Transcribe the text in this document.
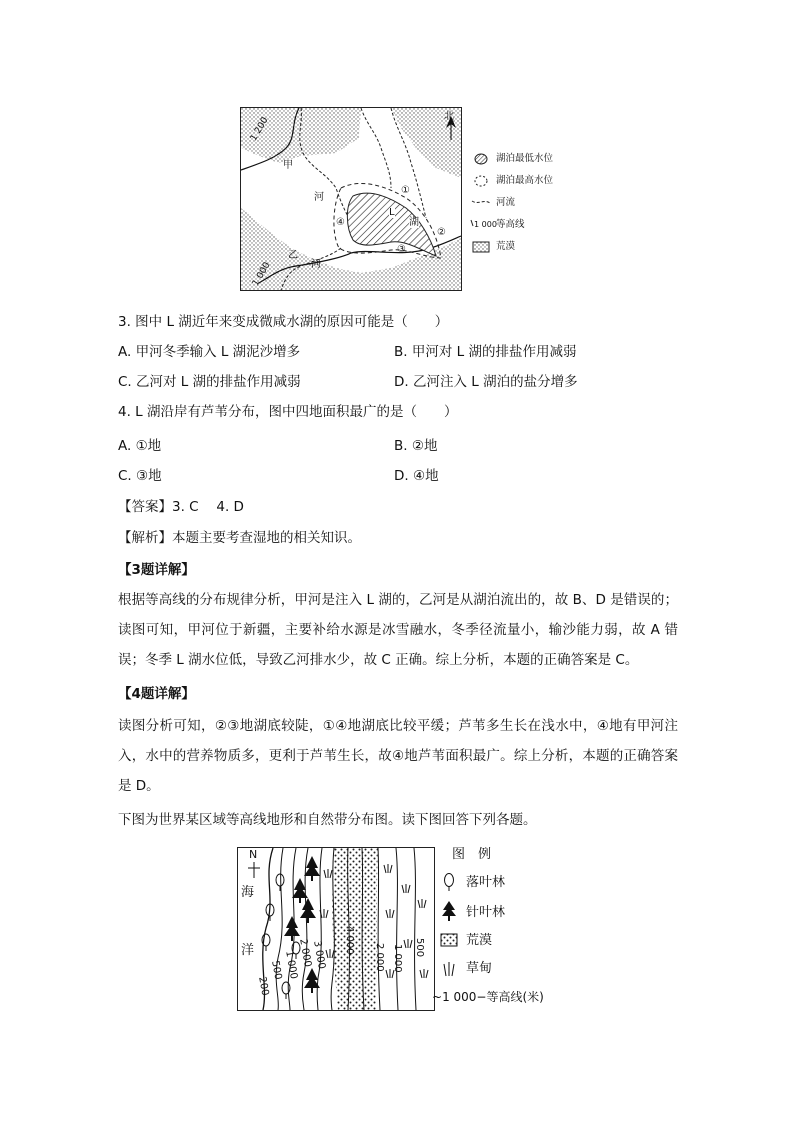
北
1 200
1 000
甲
河
乙
河
L
湖
①
②
③
④
湖泊最低水位
湖泊最高水位
河流
1 000 等高线
荒漠
3. 图中 L 湖近年来变成微咸水湖的原因可能是（　　）
A. 甲河冬季输入 L 湖泥沙增多	B. 甲河对 L 湖的排盐作用减弱
C. 乙河对 L 湖的排盐作用减弱	D. 乙河注入 L 湖泊的盐分增多
4. L 湖沿岸有芦苇分布，图中四地面积最广的是（　　）
A. ①地	B. ②地
C. ③地	D. ④地
【答案】3. C　 4. D
【解析】本题主要考查湿地的相关知识。
【3题详解】
根据等高线的分布规律分析，甲河是注入 L 湖的，乙河是从湖泊流出的，故 B、D 是错误的；读图可知，甲河位于新疆，主要补给水源是冰雪融水，冬季径流量小，输沙能力弱，故 A 错误；冬季 L 湖水位低，导致乙河排水少，故 C 正确。综上分析，本题的正确答案是 C。
【4题详解】
读图分析可知，②③地湖底较陡，①④地湖底比较平缓；芦苇多生长在浅水中，④地有甲河注入，水中的营养物质多，更利于芦苇生长，故④地芦苇面积最广。综上分析，本题的正确答案是 D。
下图为世界某区域等高线地形和自然带分布图。读下图回答下列各题。
N
海
洋
200
500 1 000
2 000
3 000 4 000
2 000 1 000 500
图　例
落叶林
针叶林
荒漠
草甸
~1 000−等高线(米)
